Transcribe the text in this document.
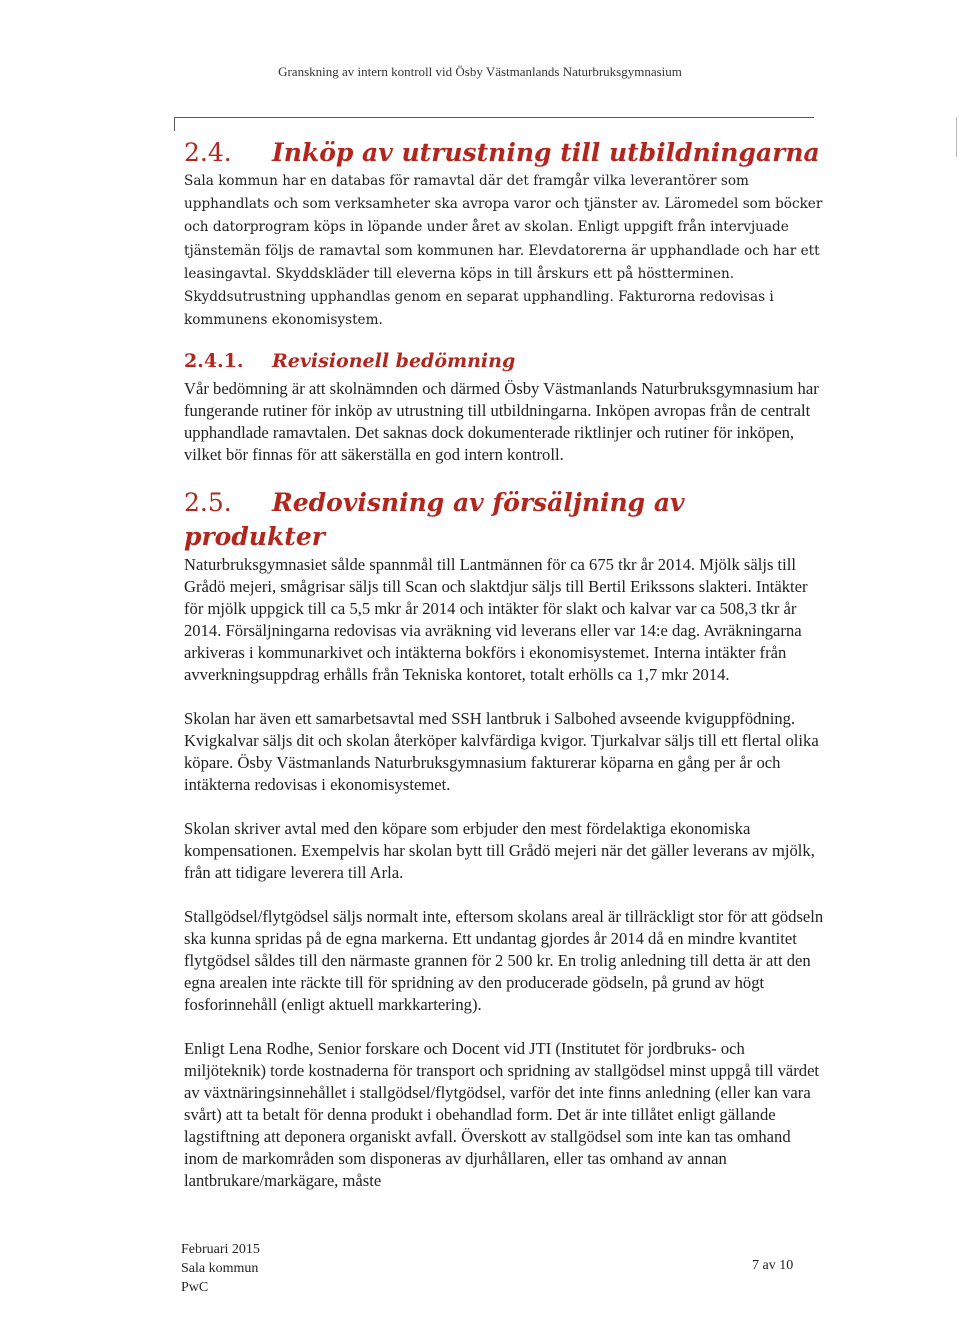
Granskning av intern kontroll vid Ösby Västmanlands Naturbruksgymnasium
2.4. Inköp av utrustning till utbildningarna

Sala kommun har en databas för ramavtal där det framgår vilka leverantörer som upphandlats och som verksamheter ska avropa varor och tjänster av. Läromedel som böcker och datorprogram köps in löpande under året av skolan. Enligt uppgift från intervjuade tjänstemän följs de ramavtal som kommunen har. Elevdatorerna är upphandlade och har ett leasingavtal. Skyddskläder till eleverna köps in till årskurs ett på höstterminen. Skyddsutrustning upphandlas genom en separat upphandling. Fakturorna redovisas i kommunens ekonomisystem.

2.4.1. Revisionell bedömning

Vår bedömning är att skolnämnden och därmed Ösby Västmanlands Naturbruksgymnasium har fungerande rutiner för inköp av utrustning till utbildningarna. Inköpen avropas från de centralt upphandlade ramavtalen. Det saknas dock dokumenterade riktlinjer och rutiner för inköpen, vilket bör finnas för att säkerställa en god intern kontroll.

2.5. Redovisning av försäljning av produkter

Naturbruksgymnasiet sålde spannmål till Lantmännen för ca 675 tkr år 2014. Mjölk säljs till Grådö mejeri, smågrisar säljs till Scan och slaktdjur säljs till Bertil Erikssons slakteri. Intäkter för mjölk uppgick till ca 5,5 mkr år 2014 och intäkter för slakt och kalvar var ca 508,3 tkr år 2014. Försäljningarna redovisas via avräkning vid leverans eller var 14:e dag. Avräkningarna arkiveras i kommunarkivet och intäkterna bokförs i ekonomisystemet. Interna intäkter från avverkningsuppdrag erhålls från Tekniska kontoret, totalt erhölls ca 1,7 mkr 2014.

Skolan har även ett samarbetsavtal med SSH lantbruk i Salbohed avseende kviguppfödning. Kvigkalvar säljs dit och skolan återköper kalvfärdiga kvigor. Tjurkalvar säljs till ett flertal olika köpare. Ösby Västmanlands Naturbruksgymnasium fakturerar köparna en gång per år och intäkterna redovisas i ekonomisystemet.

Skolan skriver avtal med den köpare som erbjuder den mest fördelaktiga ekonomiska kompensationen. Exempelvis har skolan bytt till Grådö mejeri när det gäller leverans av mjölk, från att tidigare leverera till Arla.

Stallgödsel/flytgödsel säljs normalt inte, eftersom skolans areal är tillräckligt stor för att gödseln ska kunna spridas på de egna markerna. Ett undantag gjordes år 2014 då en mindre kvantitet flytgödsel såldes till den närmaste grannen för 2 500 kr. En trolig anledning till detta är att den egna arealen inte räckte till för spridning av den producerade gödseln, på grund av högt fosforinnehåll (enligt aktuell markkartering).

Enligt Lena Rodhe, Senior forskare och Docent vid JTI (Institutet för jordbruks- och miljöteknik) torde kostnaderna för transport och spridning av stallgödsel minst uppgå till värdet av växtnäringsinnehållet i stallgödsel/flytgödsel, varför det inte finns anledning (eller kan vara svårt) att ta betalt för denna produkt i obehandlad form. Det är inte tillåtet enligt gällande lagstiftning att deponera organiskt avfall. Överskott av stallgödsel som inte kan tas omhand inom de markområden som disponeras av djurhållaren, eller tas omhand av annan lantbrukare/markägare, måste

Februari 2015
Sala kommun
PwC
7 av 10
